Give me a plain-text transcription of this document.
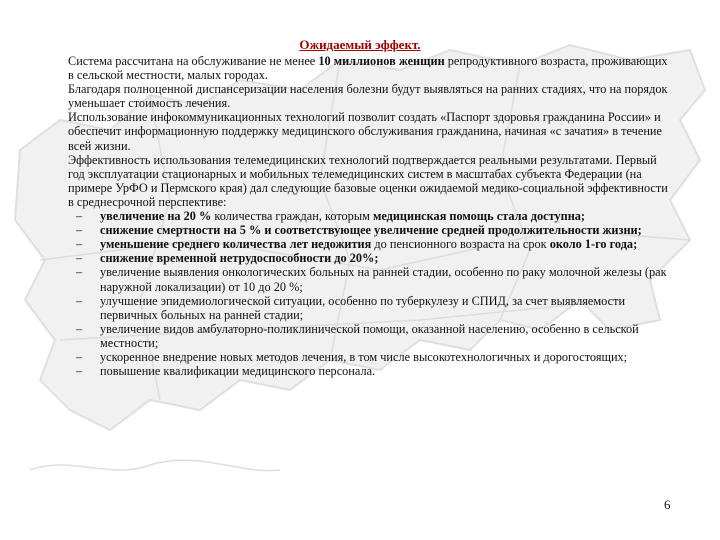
Ожидаемый эффект.

Система рассчитана на обслуживание не менее 10 миллионов женщин репродуктивного возраста, проживающих в сельской местности, малых городах.

Благодаря полноценной диспансеризации населения болезни будут выявляться на ранних стадиях, что на порядок уменьшает стоимость лечения.

Использование инфокоммуникационных технологий позволит создать «Паспорт здоровья гражданина России» и обеспечит информационную поддержку медицинского обслуживания гражданина, начиная «с зачатия» в течение всей жизни.

Эффективность использования телемедицинских технологий подтверждается реальными результатами. Первый год эксплуатации стационарных и мобильных телемедицинских систем в масштабах субъекта Федерации (на примере УрФО и Пермского края) дал следующие базовые оценки ожидаемой медико-социальной эффективности в среднесрочной перспективе:

– увеличение на 20 % количества граждан, которым медицинская помощь стала доступна;
– снижение смертности на 5 % и соответствующее увеличение средней продолжительности жизни;
– уменьшение среднего количества лет недожития до пенсионного возраста на срок около 1-го года;
– снижение временной нетрудоспособности до 20%;
– увеличение выявления онкологических больных на ранней стадии, особенно по раку молочной железы (рак наружной локализации) от 10 до 20 %;
– улучшение эпидемиологической ситуации, особенно по туберкулезу и СПИД, за счет выявляемости первичных больных на ранней стадии;
– увеличение видов амбулаторно-поликлинической помощи, оказанной населению, особенно в сельской местности;
– ускоренное внедрение новых методов лечения, в том числе высокотехнологичных и дорогостоящих;
– повышение квалификации медицинского персонала.
6
